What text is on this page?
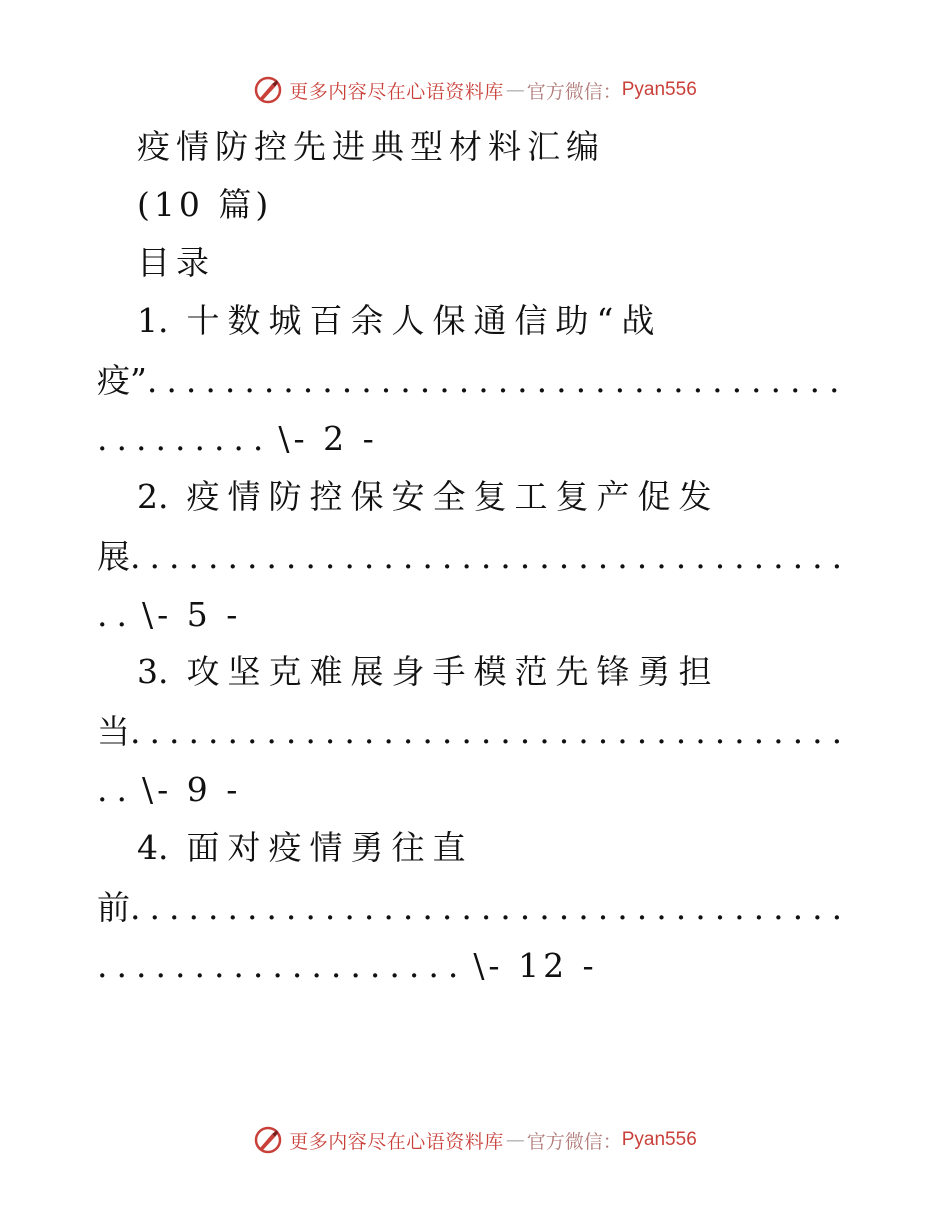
更多内容尽在心语资料库 — 官方微信： Pyan556
疫情防控先进典型材料汇编
(10 篇)
目录
1. 十数城百余人保通信助“战
疫”
.....
......... \- 2 -
2. 疫情防控保安全复工复产促发
展
.....
.. \- 5 -
3. 攻坚克难展身手模范先锋勇担
当
.....
.. \- 9 -
4. 面对疫情勇往直
前
.....
................... \- 12 -
更多内容尽在心语资料库 — 官方微信： Pyan556
